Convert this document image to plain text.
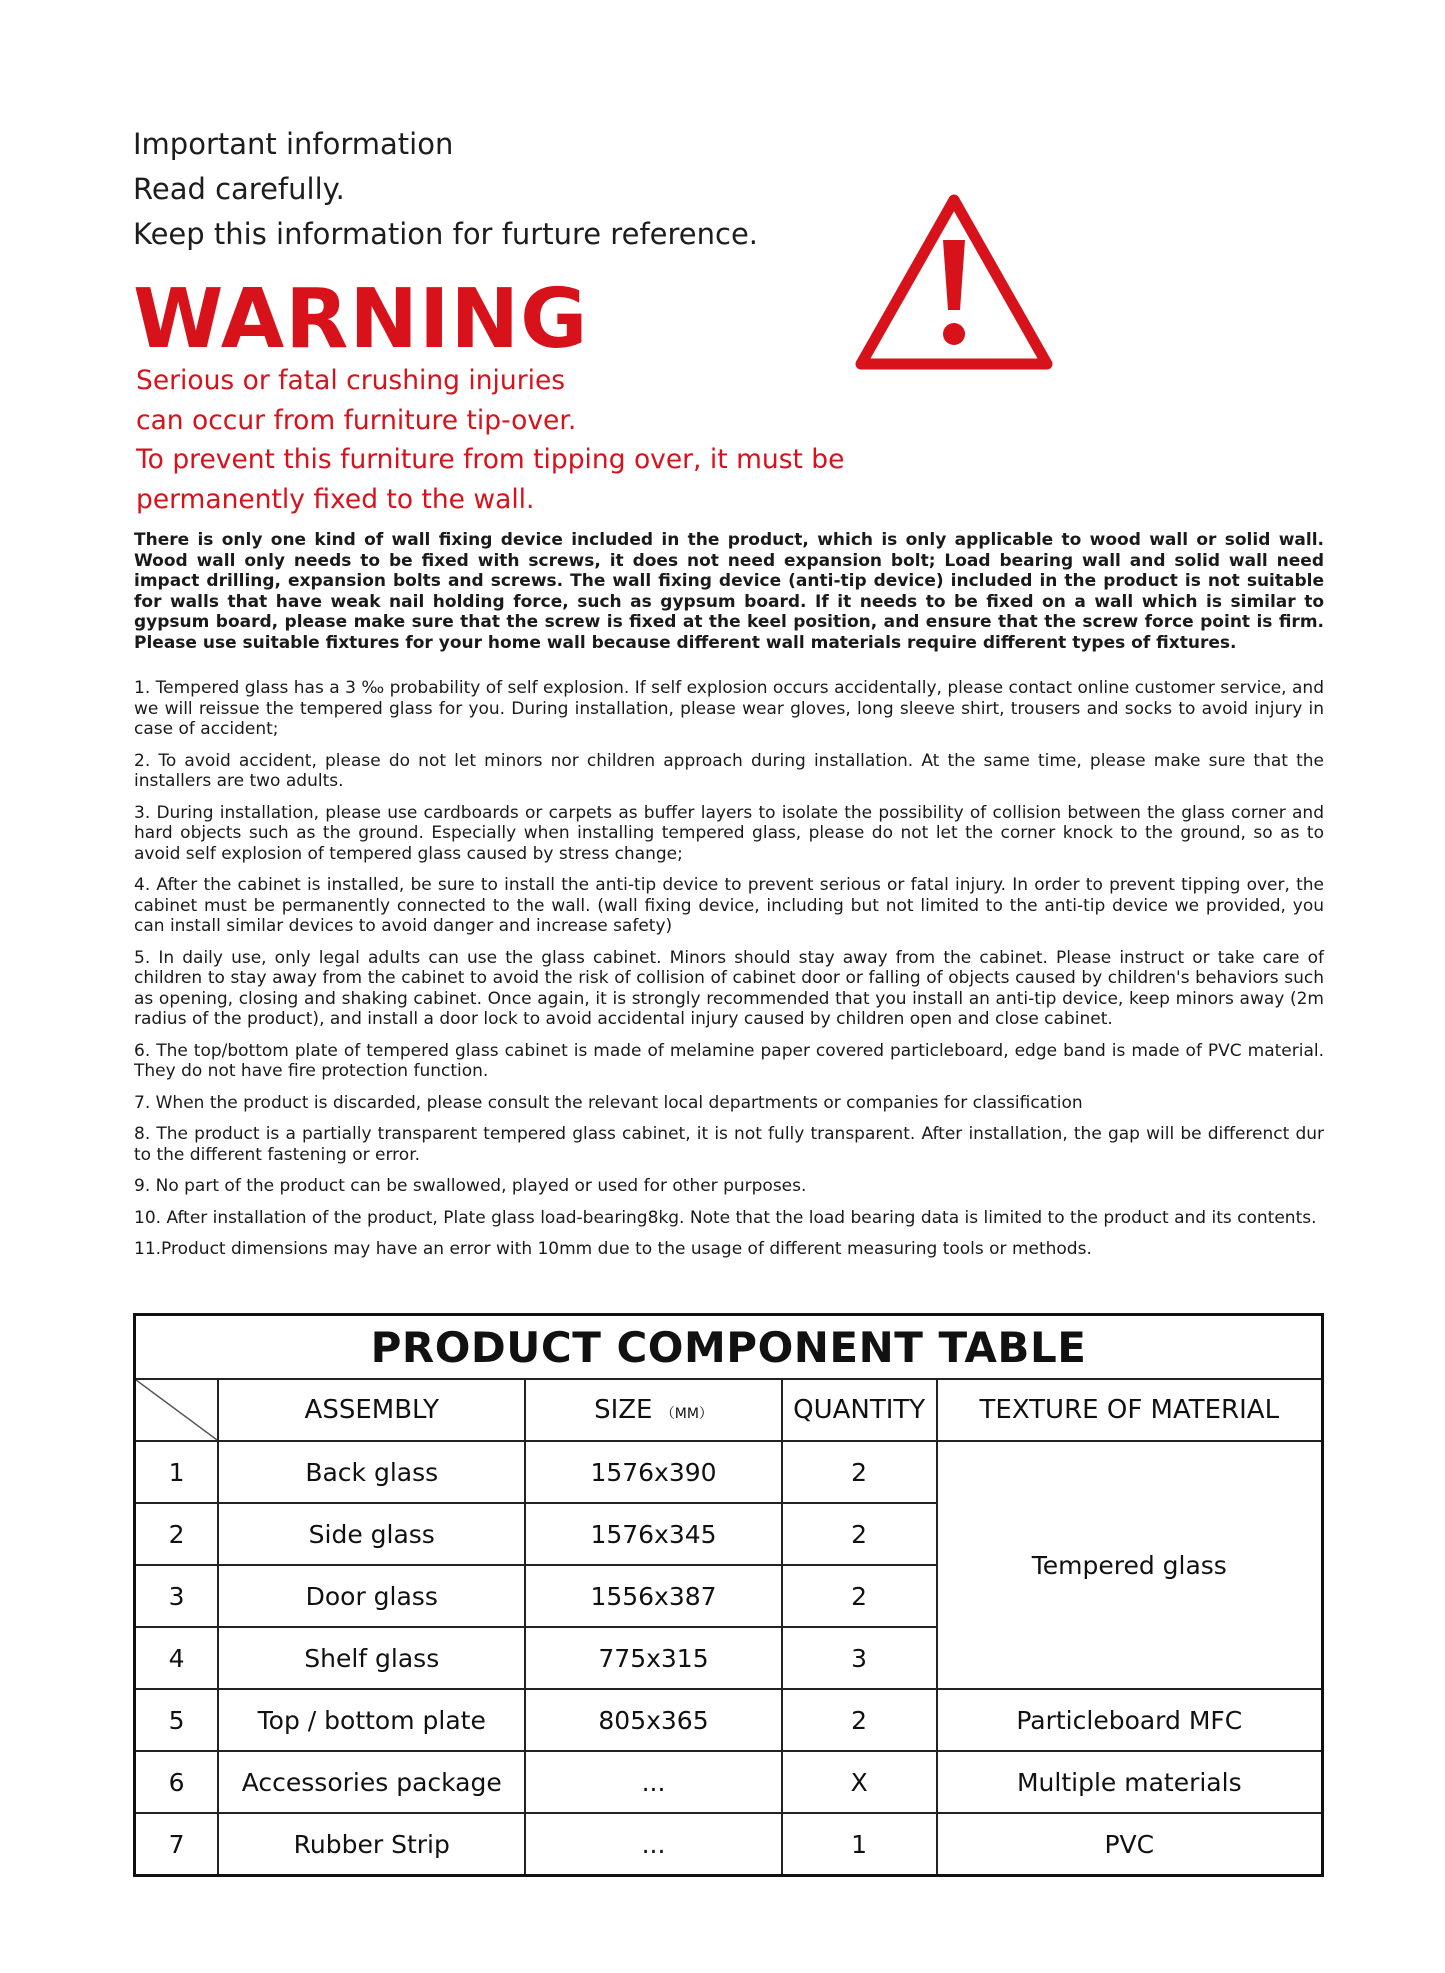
Important information
Read carefully.
Keep this information for furture reference.
WARNING
Serious or fatal crushing injuries
can occur from furniture tip-over.
To prevent this furniture from tipping over, it must be
permanently fixed to the wall.

There is only one kind of wall fixing device included in the product, which is only applicable to wood wall or solid wall. Wood wall only needs to be fixed with screws, it does not need expansion bolt; Load bearing wall and solid wall need impact drilling, expansion bolts and screws. The wall fixing device (anti-tip device) included in the product is not suitable for walls that have weak nail holding force, such as gypsum board. If it needs to be fixed on a wall which is similar to gypsum board, please make sure that the screw is fixed at the keel position, and ensure that the screw force point is firm. Please use suitable fixtures for your home wall because different wall materials require different types of fixtures.

1. Tempered glass has a 3 ‰ probability of self explosion. If self explosion occurs accidentally, please contact online customer service, and we will reissue the tempered glass for you. During installation, please wear gloves, long sleeve shirt, trousers and socks to avoid injury in case of accident;

2. To avoid accident, please do not let minors nor children approach during installation. At the same time, please make sure that the installers are two adults.

3. During installation, please use cardboards or carpets as buffer layers to isolate the possibility of collision between the glass corner and hard objects such as the ground. Especially when installing tempered glass, please do not let the corner knock to the ground, so as to avoid self explosion of tempered glass caused by stress change;

4. After the cabinet is installed, be sure to install the anti-tip device to prevent serious or fatal injury. In order to prevent tipping over, the cabinet must be permanently connected to the wall. (wall fixing device, including but not limited to the anti-tip device we provided, you can install similar devices to avoid danger and increase safety)

5. In daily use, only legal adults can use the glass cabinet. Minors should stay away from the cabinet. Please instruct or take care of children to stay away from the cabinet to avoid the risk of collision of cabinet door or falling of objects caused by children's behaviors such as opening, closing and shaking cabinet. Once again, it is strongly recommended that you install an anti-tip device, keep minors away (2m radius of the product), and install a door lock to avoid accidental injury caused by children open and close cabinet.

6. The top/bottom plate of tempered glass cabinet is made of melamine paper covered particleboard, edge band is made of PVC material. They do not have fire protection function.

7. When the product is discarded, please consult the relevant local departments or companies for classification

8. The product is a partially transparent tempered glass cabinet, it is not fully transparent. After installation, the gap will be differenct dur to the different fastening or error.

9. No part of the product can be swallowed, played or used for other purposes.

10. After installation of the product, Plate glass load-bearing8kg. Note that the load bearing data is limited to the product and its contents.

11.Product dimensions may have an error with 10mm due to the usage of different measuring tools or methods.

PRODUCT COMPONENT TABLE				

	ASSEMBLY	SIZE （MM）	QUANTITY	TEXTURE OF MATERIAL
1	Back glass	1576x390	2	Tempered glass
2	Side glass	1576x345	2	
3	Door glass	1556x387	2	
4	Shelf glass	775x315	3	
5	Top / bottom plate	805x365	2	Particleboard MFC
6	Accessories package	...	X	Multiple materials
7	Rubber Strip	...	1	PVC
